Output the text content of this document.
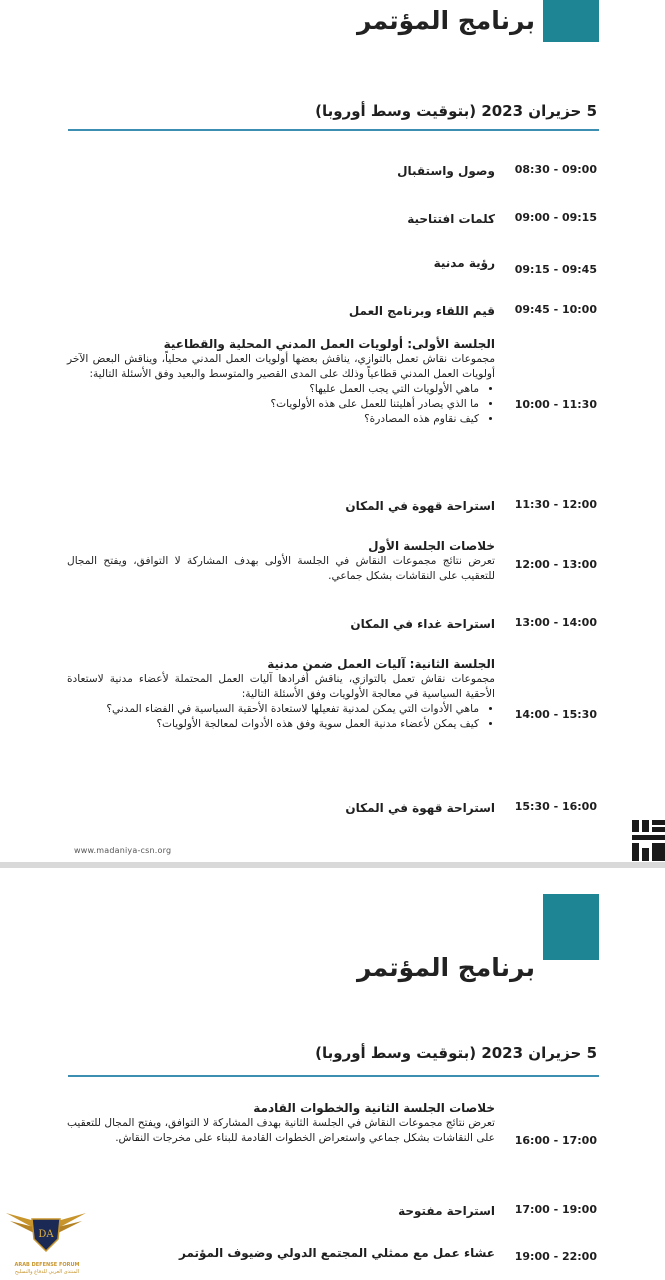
برنامج المؤتمر
5 حزيران 2023 (بتوقيت وسط أوروبا)
08:30 - 09:00
وصول واستقبال
09:00 - 09:15
كلمات افتتاحية
09:15 - 09:45
رؤية مدنية
09:45 - 10:00
قيم اللقاء وبرنامج العمل
10:00 - 11:30
الجلسة الأولى: أولويات العمل المدني المحلية والقطاعية
مجموعات نقاش تعمل بالتوازي، يناقش بعضها أولويات العمل المدني محلياً، ويناقش البعض الآخر أولويات العمل المدني قطاعياً وذلك على المدى القصير والمتوسط والبعيد وفق الأسئلة التالية:
• ماهي الأولويات التي يجب العمل عليها؟
• ما الذي يصادر أهليتنا للعمل على هذه الأولويات؟
• كيف نقاوم هذه المصادرة؟
11:30 - 12:00
استراحة قهوة في المكان
12:00 - 13:00
خلاصات الجلسة الأول
تعرض نتائج مجموعات النقاش في الجلسة الأولى بهدف المشاركة لا التوافق، ويفتح المجال للتعقيب على النقاشات بشكل جماعي.
13:00 - 14:00
استراحة غداء في المكان
14:00 - 15:30
الجلسة الثانية: آليات العمل ضمن مدنية
مجموعات نقاش تعمل بالتوازي، يناقش أفرادها آليات العمل المحتملة لأعضاء مدنية لاستعادة الأحقية السياسية في معالجة الأولويات وفق الأسئلة التالية:
• ماهي الأدوات التي يمكن لمدنية تفعيلها لاستعادة الأحقية السياسية في الفضاء المدني؟
• كيف يمكن لأعضاء مدنية العمل سوية وفق هذه الأدوات لمعالجة الأولويات؟
15:30 - 16:00
استراحة قهوة في المكان
www.madaniya-csn.org
برنامج المؤتمر
5 حزيران 2023 (بتوقيت وسط أوروبا)
16:00 - 17:00
خلاصات الجلسة الثانية والخطوات القادمة
تعرض نتائج مجموعات النقاش في الجلسة الثانية بهدف المشاركة لا التوافق، ويفتح المجال للتعقيب على النقاشات بشكل جماعي واستعراض الخطوات القادمة للبناء على مخرجات النقاش.
17:00 - 19:00
استراحة مفتوحة
19:00 - 22:00
عشاء عمل مع ممثلي المجتمع الدولي وضيوف المؤتمر
DA
ARAB DEFENSE FORUM
المنتدى العربي للدفاع والتسليح
